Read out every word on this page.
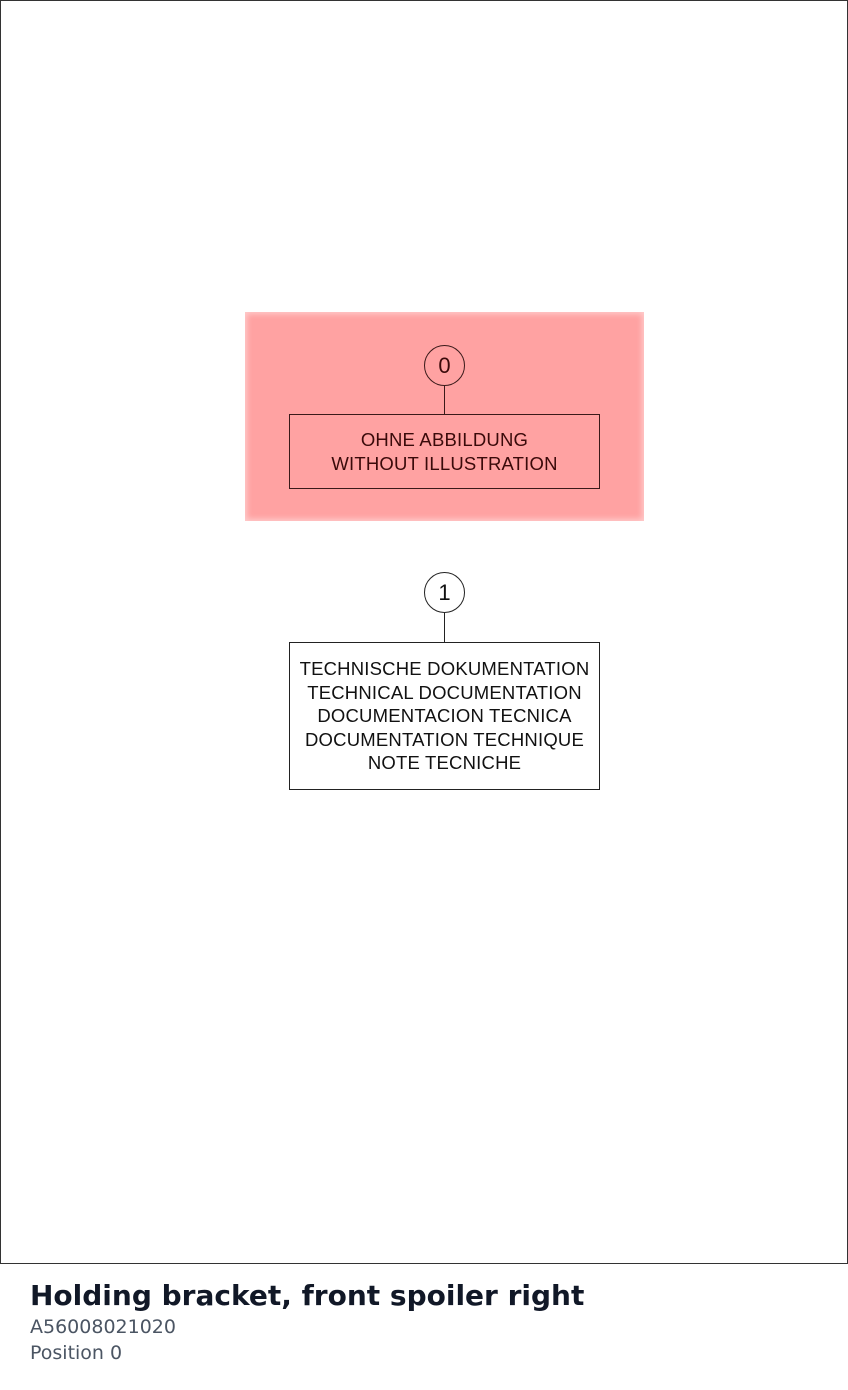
0
OHNE ABBILDUNG
WITHOUT ILLUSTRATION
1
TECHNISCHE DOKUMENTATION
TECHNICAL DOCUMENTATION
DOCUMENTACION TECNICA
DOCUMENTATION TECHNIQUE
NOTE TECNICHE
Holding bracket, front spoiler right
A56008021020
Position 0
